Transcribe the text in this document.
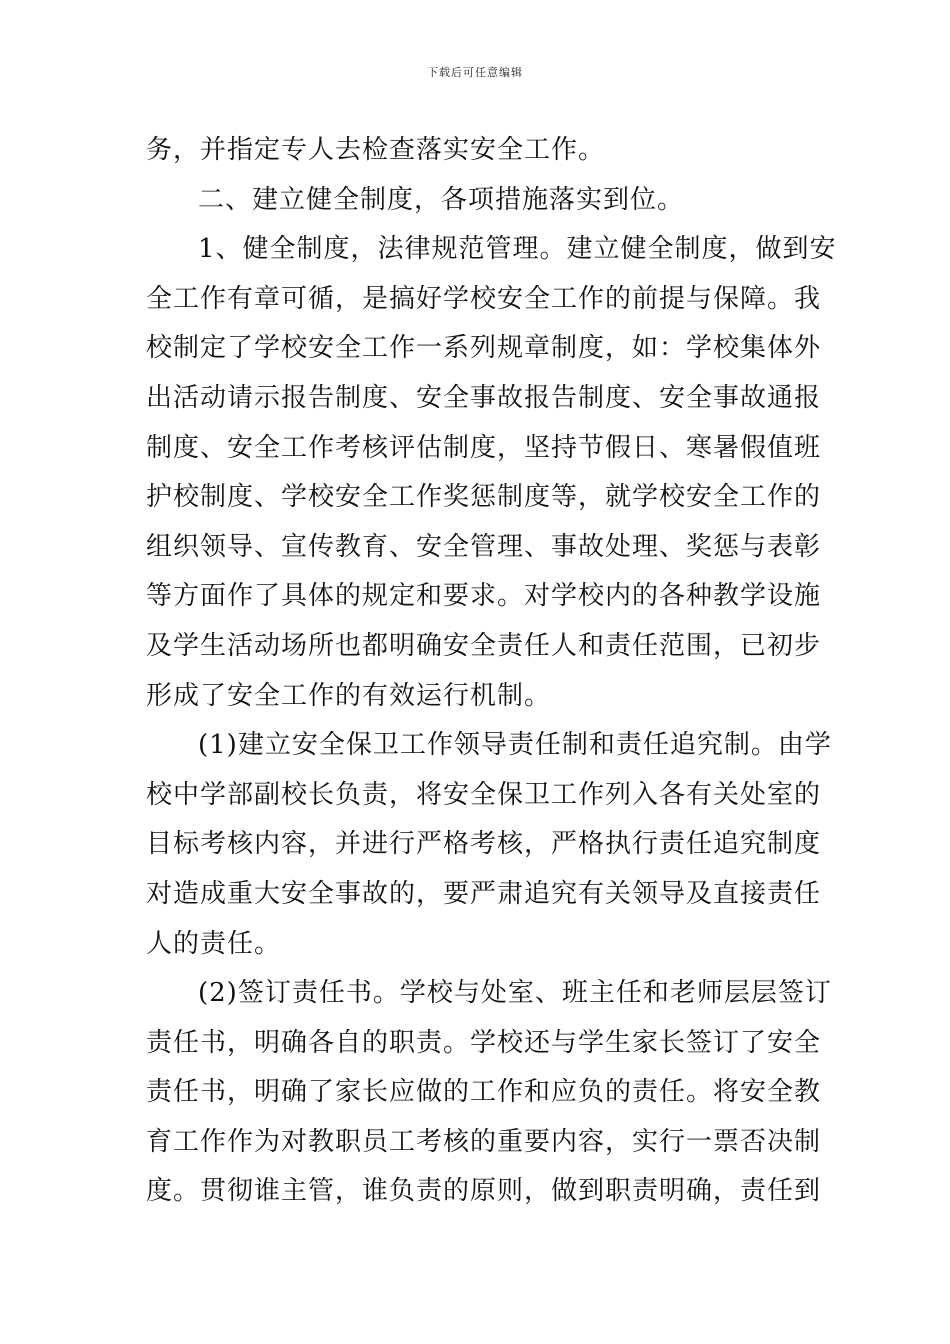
下载后可任意编辑
务，并指定专人去检查落实安全工作。
二、建立健全制度，各项措施落实到位。
1、健全制度，法律规范管理。建立健全制度，做到安
全工作有章可循，是搞好学校安全工作的前提与保障。我
校制定了学校安全工作一系列规章制度，如：学校集体外
出活动请示报告制度、安全事故报告制度、安全事故通报
制度、安全工作考核评估制度，坚持节假日、寒暑假值班
护校制度、学校安全工作奖惩制度等，就学校安全工作的
组织领导、宣传教育、安全管理、事故处理、奖惩与表彰
等方面作了具体的规定和要求。对学校内的各种教学设施
及学生活动场所也都明确安全责任人和责任范围，已初步
形成了安全工作的有效运行机制。
(1)建立安全保卫工作领导责任制和责任追究制。由学
校中学部副校长负责，将安全保卫工作列入各有关处室的
目标考核内容，并进行严格考核，严格执行责任追究制度
对造成重大安全事故的，要严肃追究有关领导及直接责任
人的责任。
(2)签订责任书。学校与处室、班主任和老师层层签订
责任书，明确各自的职责。学校还与学生家长签订了安全
责任书，明确了家长应做的工作和应负的责任。将安全教
育工作作为对教职员工考核的重要内容，实行一票否决制
度。贯彻谁主管，谁负责的原则，做到职责明确，责任到
